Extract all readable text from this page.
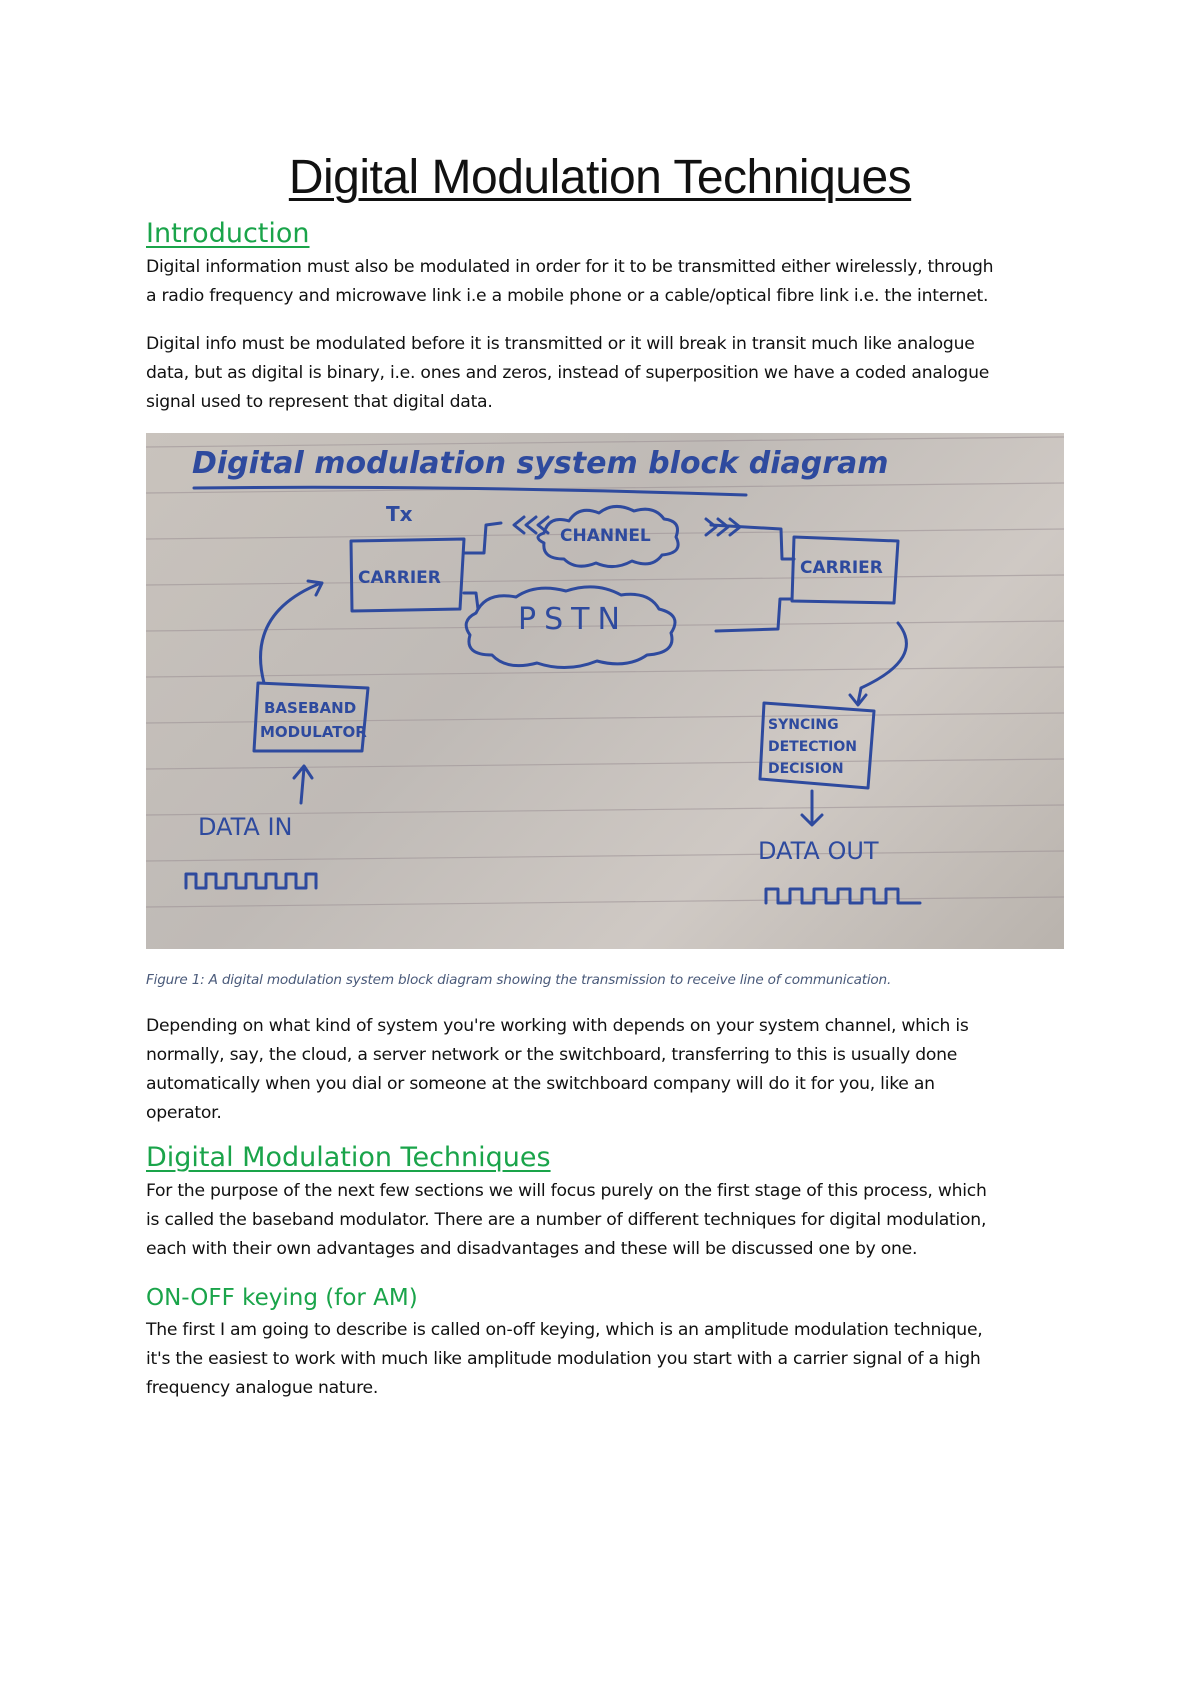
Digital Modulation Techniques
Introduction

Digital information must also be modulated in order for it to be transmitted either wirelessly, through

a radio frequency and microwave link i.e a mobile phone or a cable/optical fibre link i.e. the internet.

Digital info must be modulated before it is transmitted or it will break in transit much like analogue

data, but as digital is binary, i.e. ones and zeros, instead of superposition we have a coded analogue

signal used to represent that digital data.

Digital modulation system block diagram
Tx
CHANNEL
CARRIER	CARRIER
PSTN
BASEBAND
MODULATOR	SYNCING
DETECTION
DECISION
DATA IN
DATA OUT

Figure 1: A digital modulation system block diagram showing the transmission to receive line of communication.

Depending on what kind of system you're working with depends on your system channel, which is

normally, say, the cloud, a server network or the switchboard, transferring to this is usually done

automatically when you dial or someone at the switchboard company will do it for you, like an

operator.

Digital Modulation Techniques

For the purpose of the next few sections we will focus purely on the first stage of this process, which

is called the baseband modulator. There are a number of different techniques for digital modulation,

each with their own advantages and disadvantages and these will be discussed one by one.

ON-OFF keying (for AM)

The first I am going to describe is called on-off keying, which is an amplitude modulation technique,

it's the easiest to work with much like amplitude modulation you start with a carrier signal of a high

frequency analogue nature.
